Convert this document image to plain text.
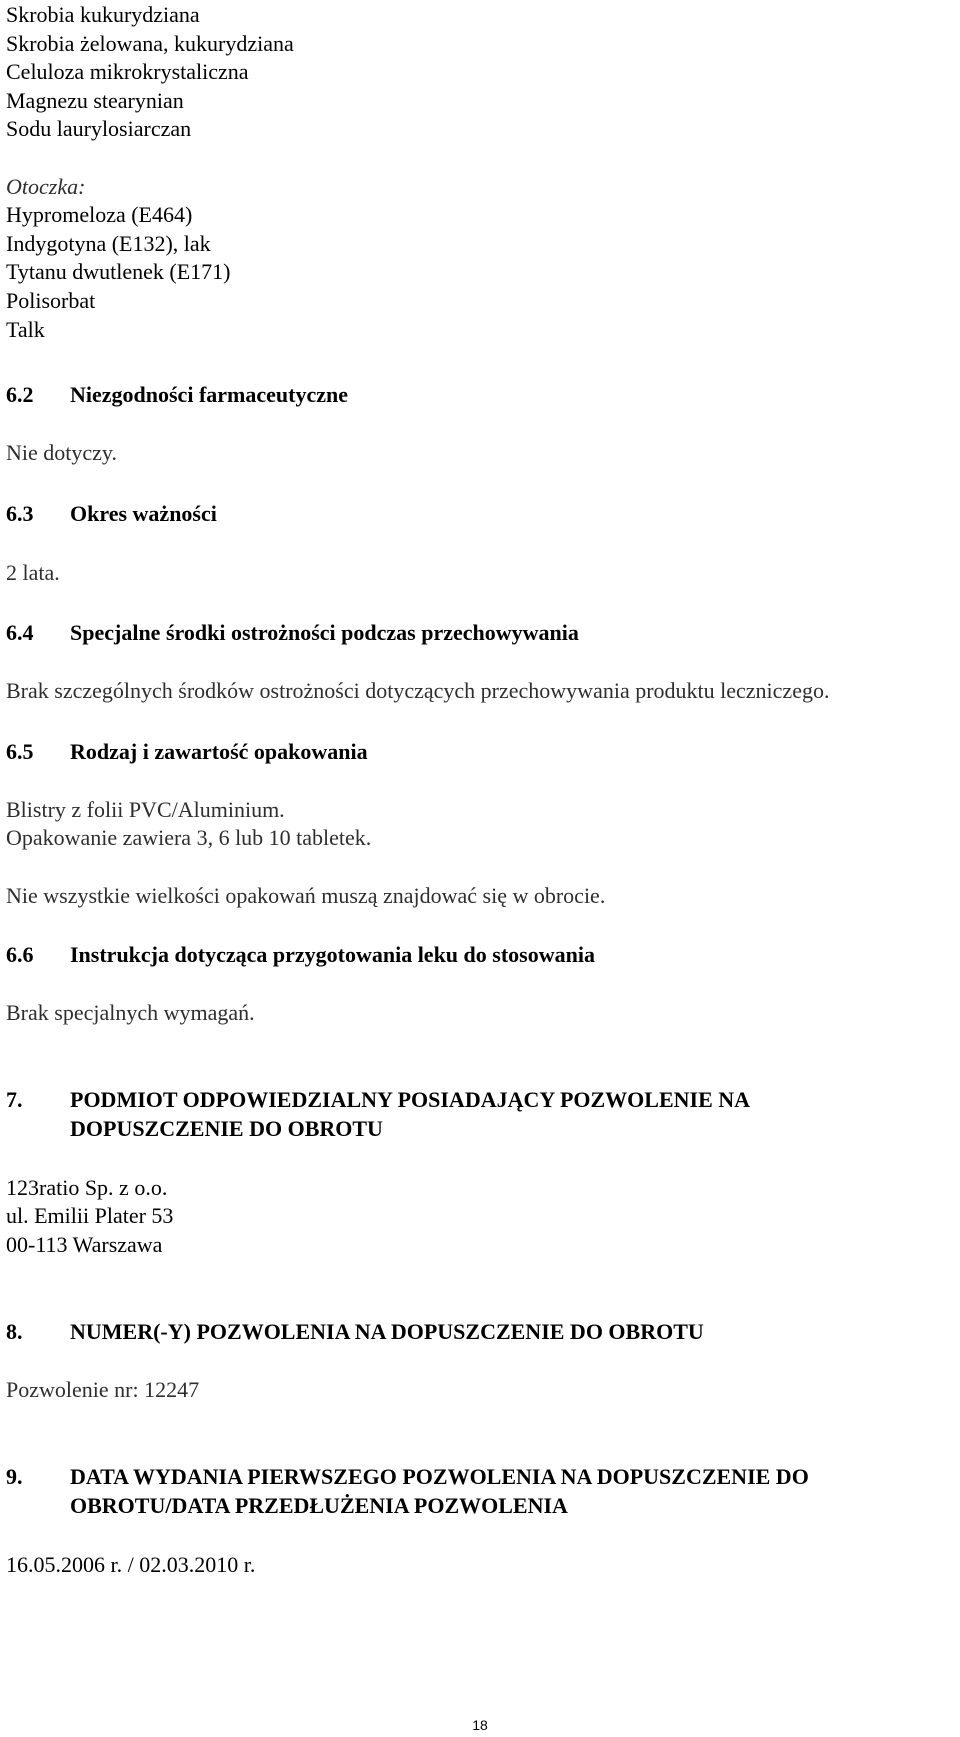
Skrobia kukurydziana
Skrobia żelowana, kukurydziana
Celuloza mikrokrystaliczna
Magnezu stearynian
Sodu laurylosiarczan
Otoczka:
Hypromeloza (E464)
Indygotyna (E132), lak
Tytanu dwutlenek (E171)
Polisorbat
Talk
6.2 Niezgodności farmaceutyczne
Nie dotyczy.
6.3 Okres ważności
2 lata.
6.4 Specjalne środki ostrożności podczas przechowywania
Brak szczególnych środków ostrożności dotyczących przechowywania produktu leczniczego.
6.5 Rodzaj i zawartość opakowania
Blistry z folii PVC/Aluminium.
Opakowanie zawiera 3, 6 lub 10 tabletek.
Nie wszystkie wielkości opakowań muszą znajdować się w obrocie.
6.6 Instrukcja dotycząca przygotowania leku do stosowania
Brak specjalnych wymagań.
7. PODMIOT ODPOWIEDZIALNY POSIADAJĄCY POZWOLENIE NA
DOPUSZCZENIE DO OBROTU
123ratio Sp. z o.o.
ul. Emilii Plater 53
00-113 Warszawa
8. NUMER(-Y) POZWOLENIA NA DOPUSZCZENIE DO OBROTU
Pozwolenie nr: 12247
9. DATA WYDANIA PIERWSZEGO POZWOLENIA NA DOPUSZCZENIE DO
OBROTU/DATA PRZEDŁUŻENIA POZWOLENIA
16.05.2006 r. / 02.03.2010 r.
18
